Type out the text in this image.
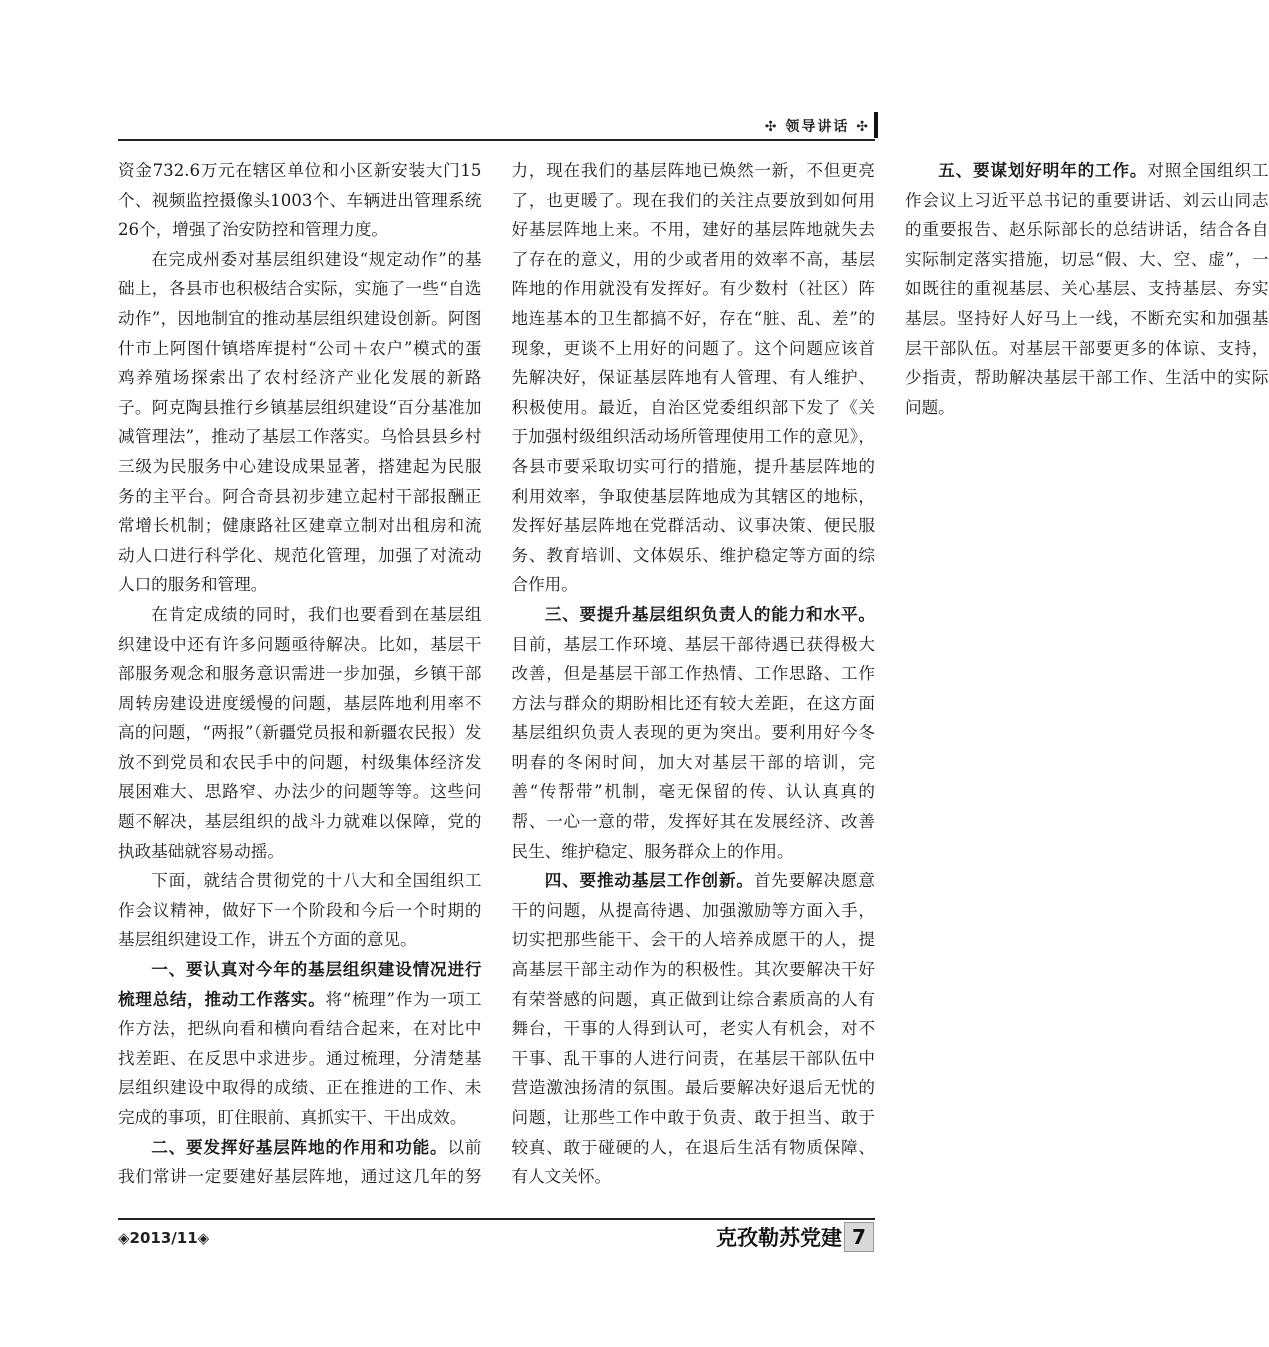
✣ 领导讲话 ✣

资金732.6万元在辖区单位和小区新安装大门15个、视频监控摄像头1003个、车辆进出管理系统26个，增强了治安防控和管理力度。

在完成州委对基层组织建设“规定动作”的基础上，各县市也积极结合实际，实施了一些“自选动作”，因地制宜的推动基层组织建设创新。阿图什市上阿图什镇塔库提村“公司＋农户”模式的蛋鸡养殖场探索出了农村经济产业化发展的新路子。阿克陶县推行乡镇基层组织建设“百分基准加减管理法”，推动了基层工作落实。乌恰县县乡村三级为民服务中心建设成果显著，搭建起为民服务的主平台。阿合奇县初步建立起村干部报酬正常增长机制；健康路社区建章立制对出租房和流动人口进行科学化、规范化管理，加强了对流动人口的服务和管理。

在肯定成绩的同时，我们也要看到在基层组织建设中还有许多问题亟待解决。比如，基层干部服务观念和服务意识需进一步加强，乡镇干部周转房建设进度缓慢的问题，基层阵地利用率不高的问题，“两报”（新疆党员报和新疆农民报）发放不到党员和农民手中的问题，村级集体经济发展困难大、思路窄、办法少的问题等等。这些问题不解决，基层组织的战斗力就难以保障，党的执政基础就容易动摇。

下面，就结合贯彻党的十八大和全国组织工作会议精神，做好下一个阶段和今后一个时期的基层组织建设工作，讲五个方面的意见。

一、要认真对今年的基层组织建设情况进行梳理总结，推动工作落实。将“梳理”作为一项工作方法，把纵向看和横向看结合起来，在对比中找差距、在反思中求进步。通过梳理，分清楚基层组织建设中取得的成绩、正在推进的工作、未完成的事项，盯住眼前、真抓实干、干出成效。

二、要发挥好基层阵地的作用和功能。以前我们常讲一定要建好基层阵地，通过这几年的努力，现在我们的基层阵地已焕然一新，不但更亮了，也更暖了。现在我们的关注点要放到如何用好基层阵地上来。不用，建好的基层阵地就失去了存在的意义，用的少或者用的效率不高，基层阵地的作用就没有发挥好。有少数村（社区）阵地连基本的卫生都搞不好，存在“脏、乱、差”的现象，更谈不上用好的问题了。这个问题应该首先解决好，保证基层阵地有人管理、有人维护、积极使用。最近，自治区党委组织部下发了《关于加强村级组织活动场所管理使用工作的意见》，各县市要采取切实可行的措施，提升基层阵地的利用效率，争取使基层阵地成为其辖区的地标，发挥好基层阵地在党群活动、议事决策、便民服务、教育培训、文体娱乐、维护稳定等方面的综合作用。

三、要提升基层组织负责人的能力和水平。目前，基层工作环境、基层干部待遇已获得极大改善，但是基层干部工作热情、工作思路、工作方法与群众的期盼相比还有较大差距，在这方面基层组织负责人表现的更为突出。要利用好今冬明春的冬闲时间，加大对基层干部的培训，完善“传帮带”机制，毫无保留的传、认认真真的帮、一心一意的带，发挥好其在发展经济、改善民生、维护稳定、服务群众上的作用。

四、要推动基层工作创新。首先要解决愿意干的问题，从提高待遇、加强激励等方面入手，切实把那些能干、会干的人培养成愿干的人，提高基层干部主动作为的积极性。其次要解决干好有荣誉感的问题，真正做到让综合素质高的人有舞台，干事的人得到认可，老实人有机会，对不干事、乱干事的人进行问责，在基层干部队伍中营造激浊扬清的氛围。最后要解决好退后无忧的问题，让那些工作中敢于负责、敢于担当、敢于较真、敢于碰硬的人，在退后生活有物质保障、有人文关怀。

五、要谋划好明年的工作。对照全国组织工作会议上习近平总书记的重要讲话、刘云山同志的重要报告、赵乐际部长的总结讲话，结合各自实际制定落实措施，切忌“假、大、空、虚”，一如既往的重视基层、关心基层、支持基层、夯实基层。坚持好人好马上一线，不断充实和加强基层干部队伍。对基层干部要更多的体谅、支持，少指责，帮助解决基层干部工作、生活中的实际问题。

◈2013/11◈	克孜勒苏党建 7
